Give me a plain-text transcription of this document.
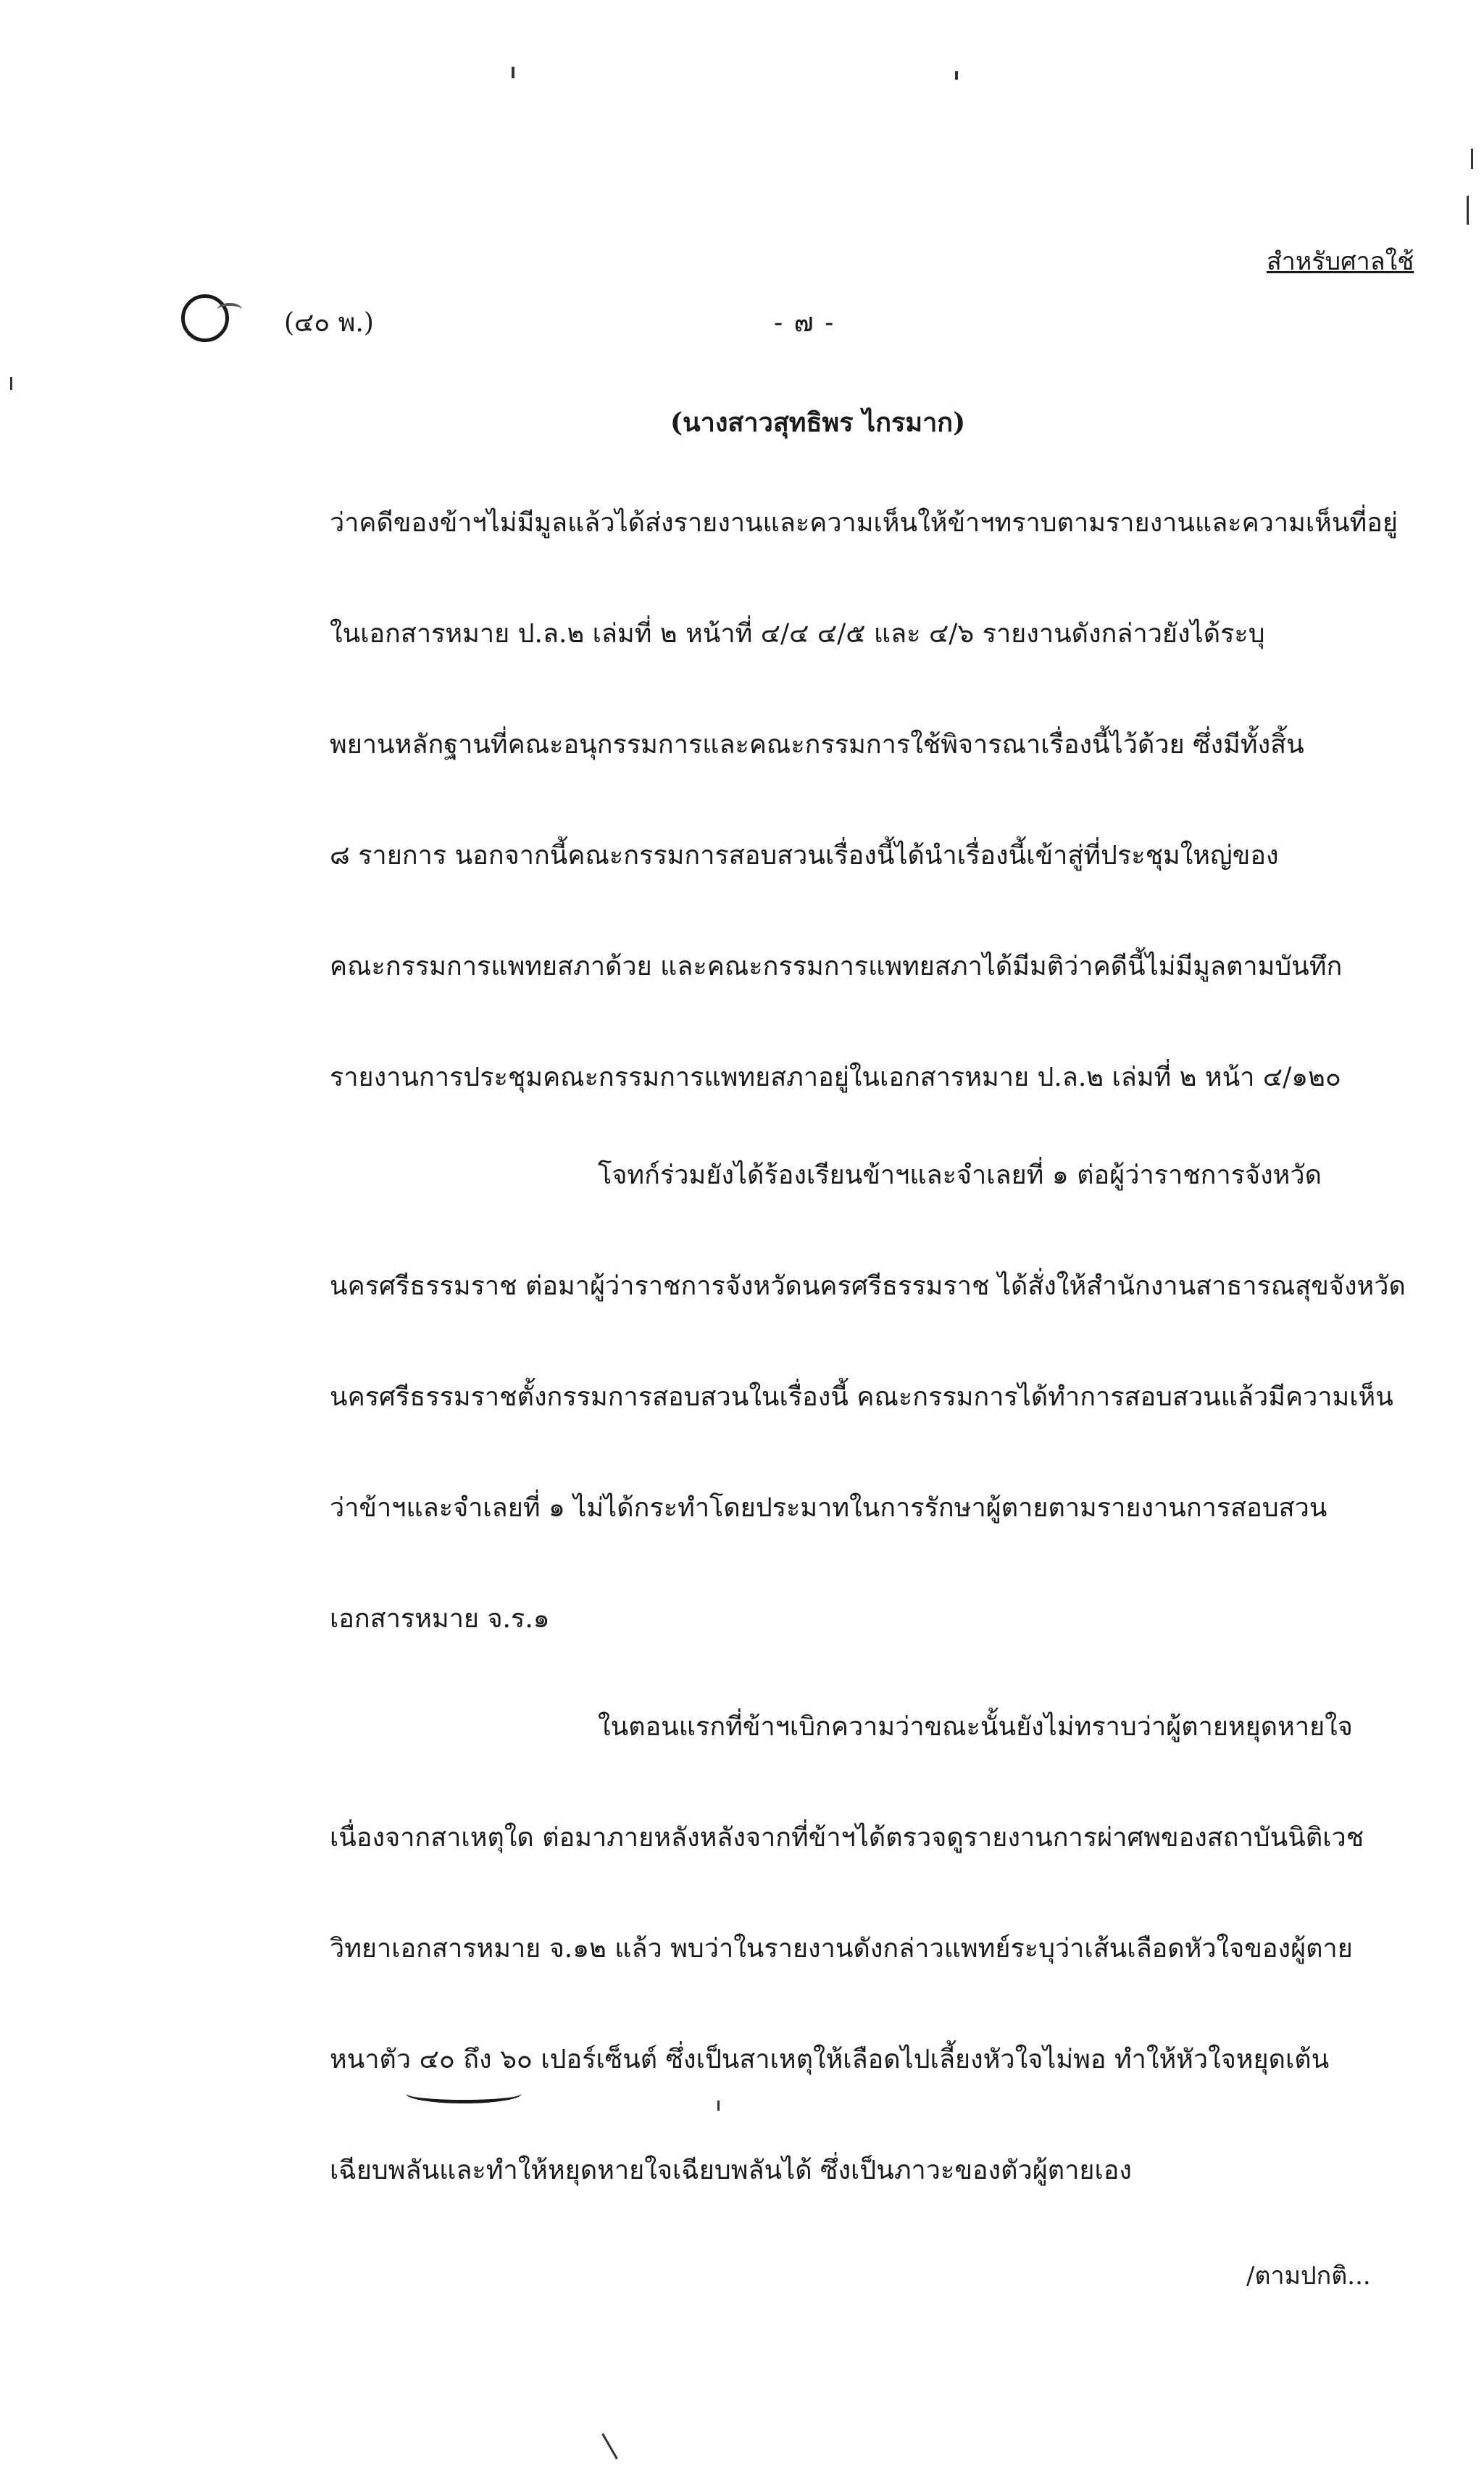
สำหรับศาลใช้
(๔๐ พ.)	- ๗ -
(นางสาวสุทธิพร ไกรมาก)
ว่าคดีของข้าฯไม่มีมูลแล้วได้ส่งรายงานและความเห็นให้ข้าฯทราบตามรายงานและความเห็นที่อยู่
ในเอกสารหมาย ป.ล.๒ เล่มที่ ๒ หน้าที่ ๔/๔ ๔/๕ และ ๔/๖ รายงานดังกล่าวยังได้ระบุ
พยานหลักฐานที่คณะอนุกรรมการและคณะกรรมการใช้พิจารณาเรื่องนี้ไว้ด้วย ซึ่งมีทั้งสิ้น
๘ รายการ นอกจากนี้คณะกรรมการสอบสวนเรื่องนี้ได้นำเรื่องนี้เข้าสู่ที่ประชุมใหญ่ของ
คณะกรรมการแพทยสภาด้วย และคณะกรรมการแพทยสภาได้มีมติว่าคดีนี้ไม่มีมูลตามบันทึก
รายงานการประชุมคณะกรรมการแพทยสภาอยู่ในเอกสารหมาย ป.ล.๒ เล่มที่ ๒ หน้า ๔/๑๒๐
โจทก์ร่วมยังได้ร้องเรียนข้าฯและจำเลยที่ ๑ ต่อผู้ว่าราชการจังหวัด
นครศรีธรรมราช ต่อมาผู้ว่าราชการจังหวัดนครศรีธรรมราช ได้สั่งให้สำนักงานสาธารณสุขจังหวัด
นครศรีธรรมราชตั้งกรรมการสอบสวนในเรื่องนี้ คณะกรรมการได้ทำการสอบสวนแล้วมีความเห็น
ว่าข้าฯและจำเลยที่ ๑ ไม่ได้กระทำโดยประมาทในการรักษาผู้ตายตามรายงานการสอบสวน
เอกสารหมาย จ.ร.๑
ในตอนแรกที่ข้าฯเบิกความว่าขณะนั้นยังไม่ทราบว่าผู้ตายหยุดหายใจ
เนื่องจากสาเหตุใด ต่อมาภายหลังหลังจากที่ข้าฯได้ตรวจดูรายงานการผ่าศพของสถาบันนิติเวช
วิทยาเอกสารหมาย จ.๑๒ แล้ว พบว่าในรายงานดังกล่าวแพทย์ระบุว่าเส้นเลือดหัวใจของผู้ตาย
หนาตัว ๔๐ ถึง ๖๐ เปอร์เซ็นต์ ซึ่งเป็นสาเหตุให้เลือดไปเลี้ยงหัวใจไม่พอ ทำให้หัวใจหยุดเต้น
เฉียบพลันและทำให้หยุดหายใจเฉียบพลันได้ ซึ่งเป็นภาวะของตัวผู้ตายเอง
/ตามปกติ...
